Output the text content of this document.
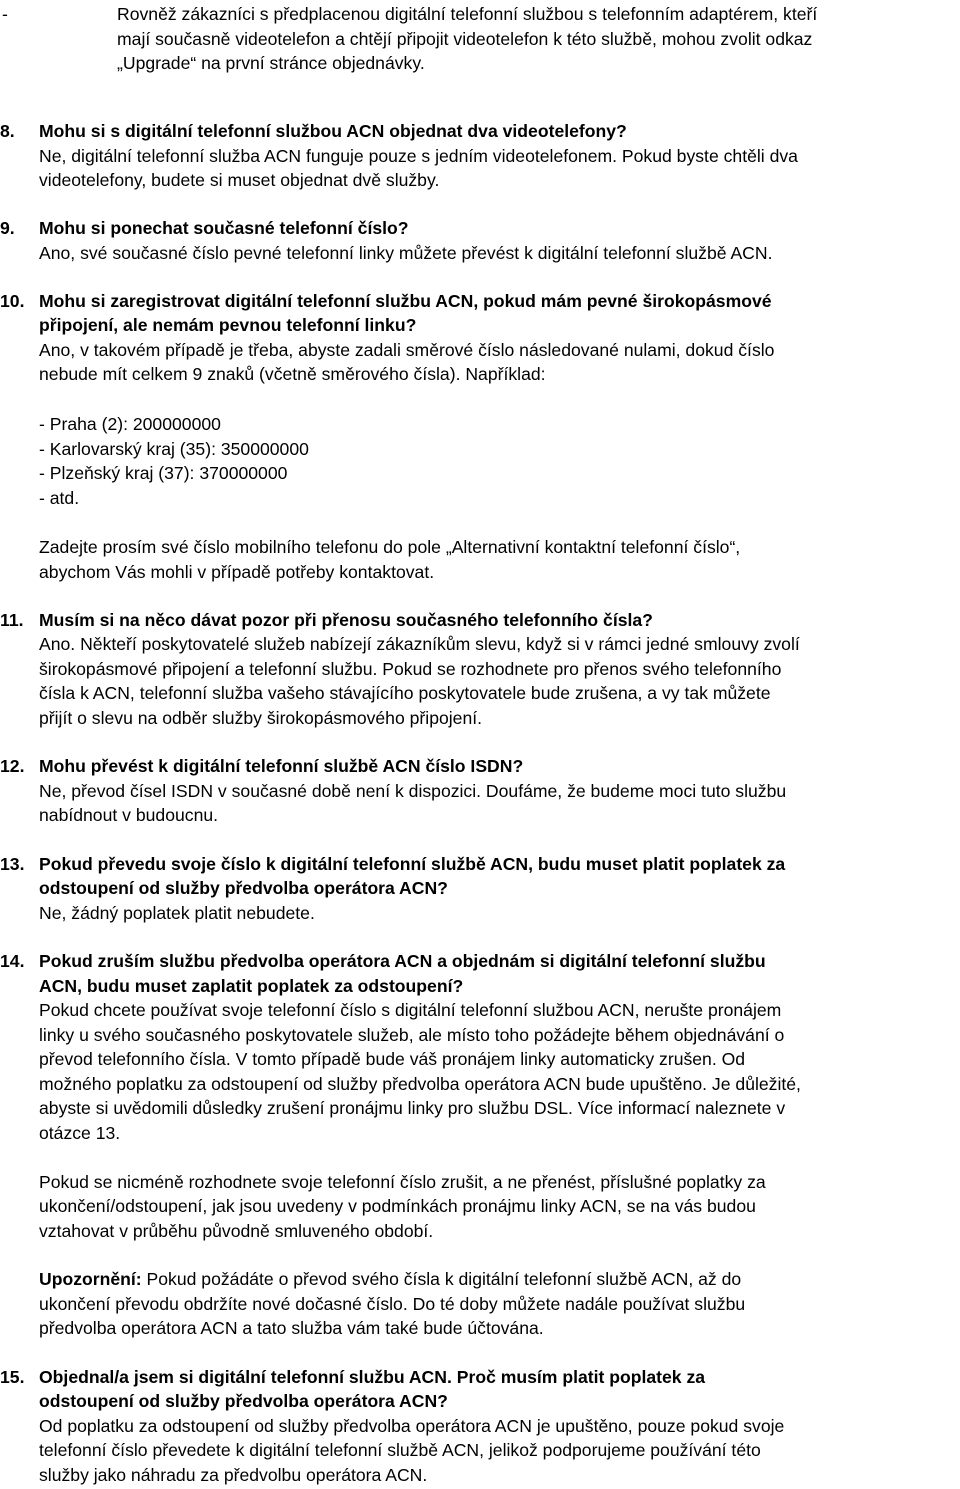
-	Rovněž zákazníci s předplacenou digitální telefonní službou s telefonním adaptérem, kteří
mají současně videotelefon a chtějí připojit videotelefon k této službě, mohou zvolit odkaz
„Upgrade“ na první stránce objednávky.
8. Mohu si s digitální telefonní službou ACN objednat dva videotelefony?
Ne, digitální telefonní služba ACN funguje pouze s jedním videotelefonem. Pokud byste chtěli dva
videotelefony, budete si muset objednat dvě služby.
9. Mohu si ponechat současné telefonní číslo?
Ano, své současné číslo pevné telefonní linky můžete převést k digitální telefonní službě ACN.
10. Mohu si zaregistrovat digitální telefonní službu ACN, pokud mám pevné širokopásmové
připojení, ale nemám pevnou telefonní linku?
Ano, v takovém případě je třeba, abyste zadali směrové číslo následované nulami, dokud číslo
nebude mít celkem 9 znaků (včetně směrového čísla). Například:
- Praha (2): 200000000
- Karlovarský kraj (35): 350000000
- Plzeňský kraj (37): 370000000
- atd.
Zadejte prosím své číslo mobilního telefonu do pole „Alternativní kontaktní telefonní číslo“,
abychom Vás mohli v případě potřeby kontaktovat.
11. Musím si na něco dávat pozor při přenosu současného telefonního čísla?
Ano. Někteří poskytovatelé služeb nabízejí zákazníkům slevu, když si v rámci jedné smlouvy zvolí
širokopásmové připojení a telefonní službu. Pokud se rozhodnete pro přenos svého telefonního
čísla k ACN, telefonní služba vašeho stávajícího poskytovatele bude zrušena, a vy tak můžete
přijít o slevu na odběr služby širokopásmového připojení.
12. Mohu převést k digitální telefonní službě ACN číslo ISDN?
Ne, převod čísel ISDN v současné době není k dispozici. Doufáme, že budeme moci tuto službu
nabídnout v budoucnu.
13. Pokud převedu svoje číslo k digitální telefonní službě ACN, budu muset platit poplatek za
odstoupení od služby předvolba operátora ACN?
Ne, žádný poplatek platit nebudete.
14. Pokud zruším službu předvolba operátora ACN a objednám si digitální telefonní službu
ACN, budu muset zaplatit poplatek za odstoupení?
Pokud chcete používat svoje telefonní číslo s digitální telefonní službou ACN, nerušte pronájem
linky u svého současného poskytovatele služeb, ale místo toho požádejte během objednávání o
převod telefonního čísla. V tomto případě bude váš pronájem linky automaticky zrušen. Od
možného poplatku za odstoupení od služby předvolba operátora ACN bude upuštěno. Je důležité,
abyste si uvědomili důsledky zrušení pronájmu linky pro službu DSL. Více informací naleznete v
otázce 13.
Pokud se nicméně rozhodnete svoje telefonní číslo zrušit, a ne přenést, příslušné poplatky za
ukončení/odstoupení, jak jsou uvedeny v podmínkách pronájmu linky ACN, se na vás budou
vztahovat v průběhu původně smluveného období.
Upozornění: Pokud požádáte o převod svého čísla k digitální telefonní službě ACN, až do
ukončení převodu obdržíte nové dočasné číslo. Do té doby můžete nadále používat službu
předvolba operátora ACN a tato služba vám také bude účtována.
15. Objednal/a jsem si digitální telefonní službu ACN. Proč musím platit poplatek za
odstoupení od služby předvolba operátora ACN?
Od poplatku za odstoupení od služby předvolba operátora ACN je upuštěno, pouze pokud svoje
telefonní číslo převedete k digitální telefonní službě ACN, jelikož podporujeme používání této
služby jako náhradu za předvolbu operátora ACN.
